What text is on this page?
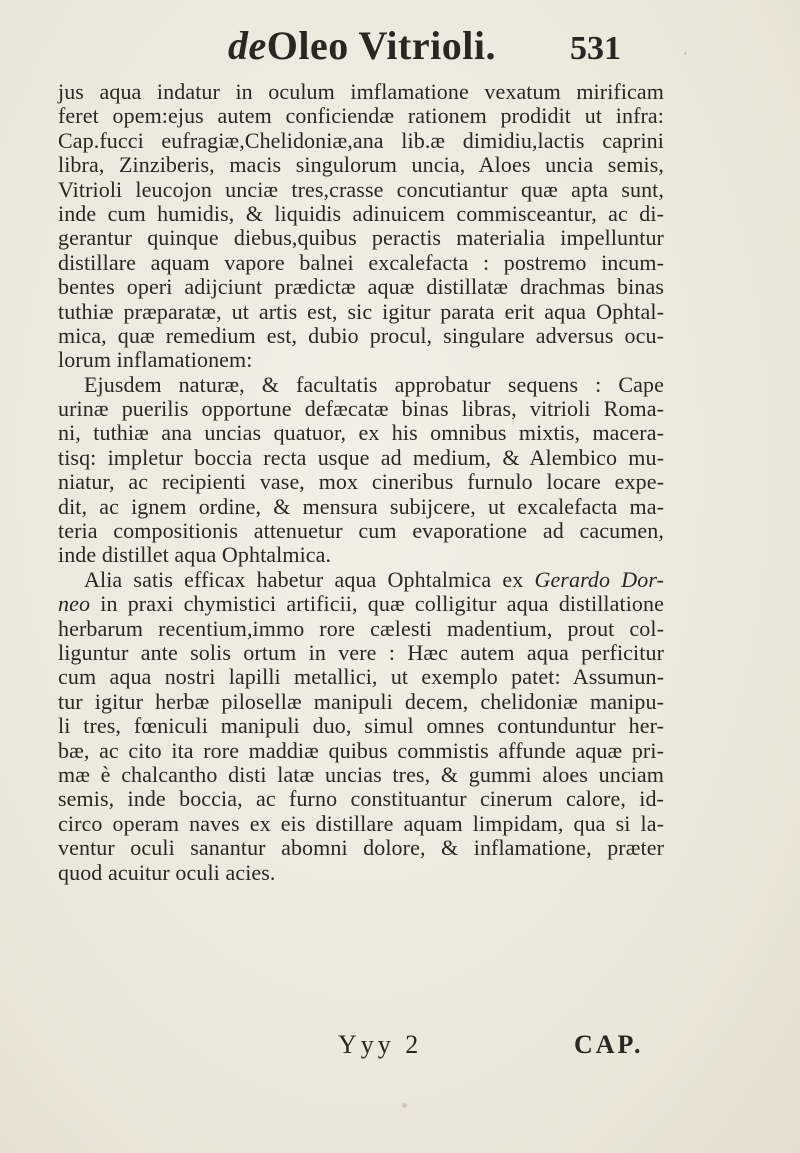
deOleo Vitrioli. 531
jus aqua indatur in oculum imflamatione vexatum mirificam
feret opem:ejus autem conficiendæ rationem prodidit ut infra:
Cap.fucci eufragiæ,Chelidoniæ,ana lib.æ dimidiu,lactis caprini
libra, Zinziberis, macis singulorum uncia, Aloes uncia semis,
Vitrioli leucojon unciæ tres,crasse concutiantur quæ apta sunt,
inde cum humidis, & liquidis adinuicem commisceantur, ac di-
gerantur quinque diebus,quibus peractis materialia impelluntur
distillare aquam vapore balnei excalefacta : postremo incum-
bentes operi adijciunt prædictæ aquæ distillatæ drachmas binas
tuthiæ præparatæ, ut artis est, sic igitur parata erit aqua Ophtal-
mica, quæ remedium est, dubio procul, singulare adversus ocu-
lorum inflamationem:
Ejusdem naturæ, & facultatis approbatur sequens : Cape
urinæ puerilis opportune defæcatæ binas libras, vitrioli Roma-
ni, tuthiæ ana uncias quatuor, ex his omnibus mixtis, macera-
tisq: impletur boccia recta usque ad medium, & Alembico mu-
niatur, ac recipienti vase, mox cineribus furnulo locare expe-
dit, ac ignem ordine, & mensura subijcere, ut excalefacta ma-
teria compositionis attenuetur cum evaporatione ad cacumen,
inde distillet aqua Ophtalmica.
Alia satis efficax habetur aqua Ophtalmica ex Gerardo Dor-
neo in praxi chymistici artificii, quæ colligitur aqua distillatione
herbarum recentium,immo rore cælesti madentium, prout col-
liguntur ante solis ortum in vere : Hæc autem aqua perficitur
cum aqua nostri lapilli metallici, ut exemplo patet: Assumun-
tur igitur herbæ pilosellæ manipuli decem, chelidoniæ manipu-
li tres, fœniculi manipuli duo, simul omnes contunduntur her-
bæ, ac cito ita rore maddiæ quibus commistis affunde aquæ pri-
mæ è chalcantho disti latæ uncias tres, & gummi aloes unciam
semis, inde boccia, ac furno constituantur cinerum calore, id-
circo operam naves ex eis distillare aquam limpidam, qua si la-
ventur oculi sanantur abomni dolore, & inflamatione, præter
quod acuitur oculi acies.
Yyy 2	CAP.
